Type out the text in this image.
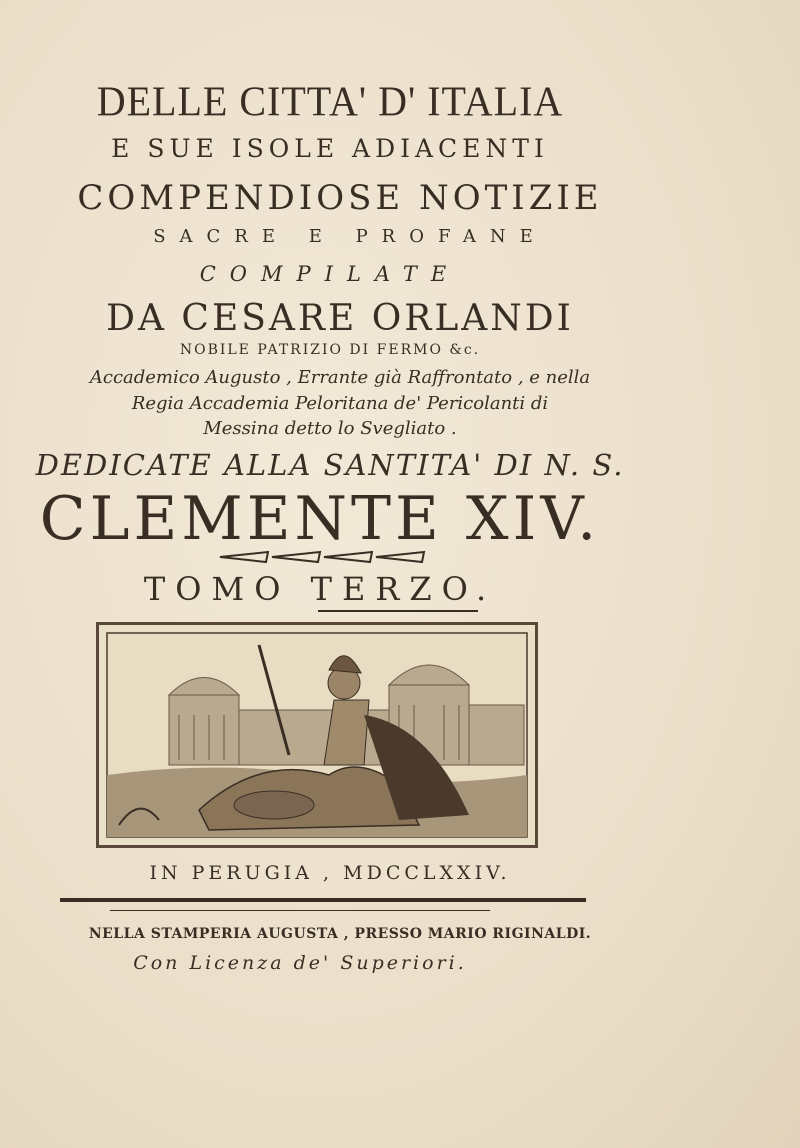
DELLE CITTA' D' ITALIA
E SUE ISOLE ADIACENTI
COMPENDIOSE NOTIZIE
SACRE E PROFANE
COMPILATE
DA CESARE ORLANDI
NOBILE PATRIZIO DI FERMO &c.
Accademico Augusto , Errante già Raffrontato , e nella
Regia Accademia Peloritana de' Pericolanti di
Messina detto lo Svegliato .
DEDICATE ALLA SANTITA' DI N. S.
CLEMENTE XIV.
TOMO TERZO.
IN PERUGIA , MDCCLXXIV.
NELLA STAMPERIA AUGUSTA , PRESSO MARIO RIGINALDI.
Con Licenza de' Superiori.
